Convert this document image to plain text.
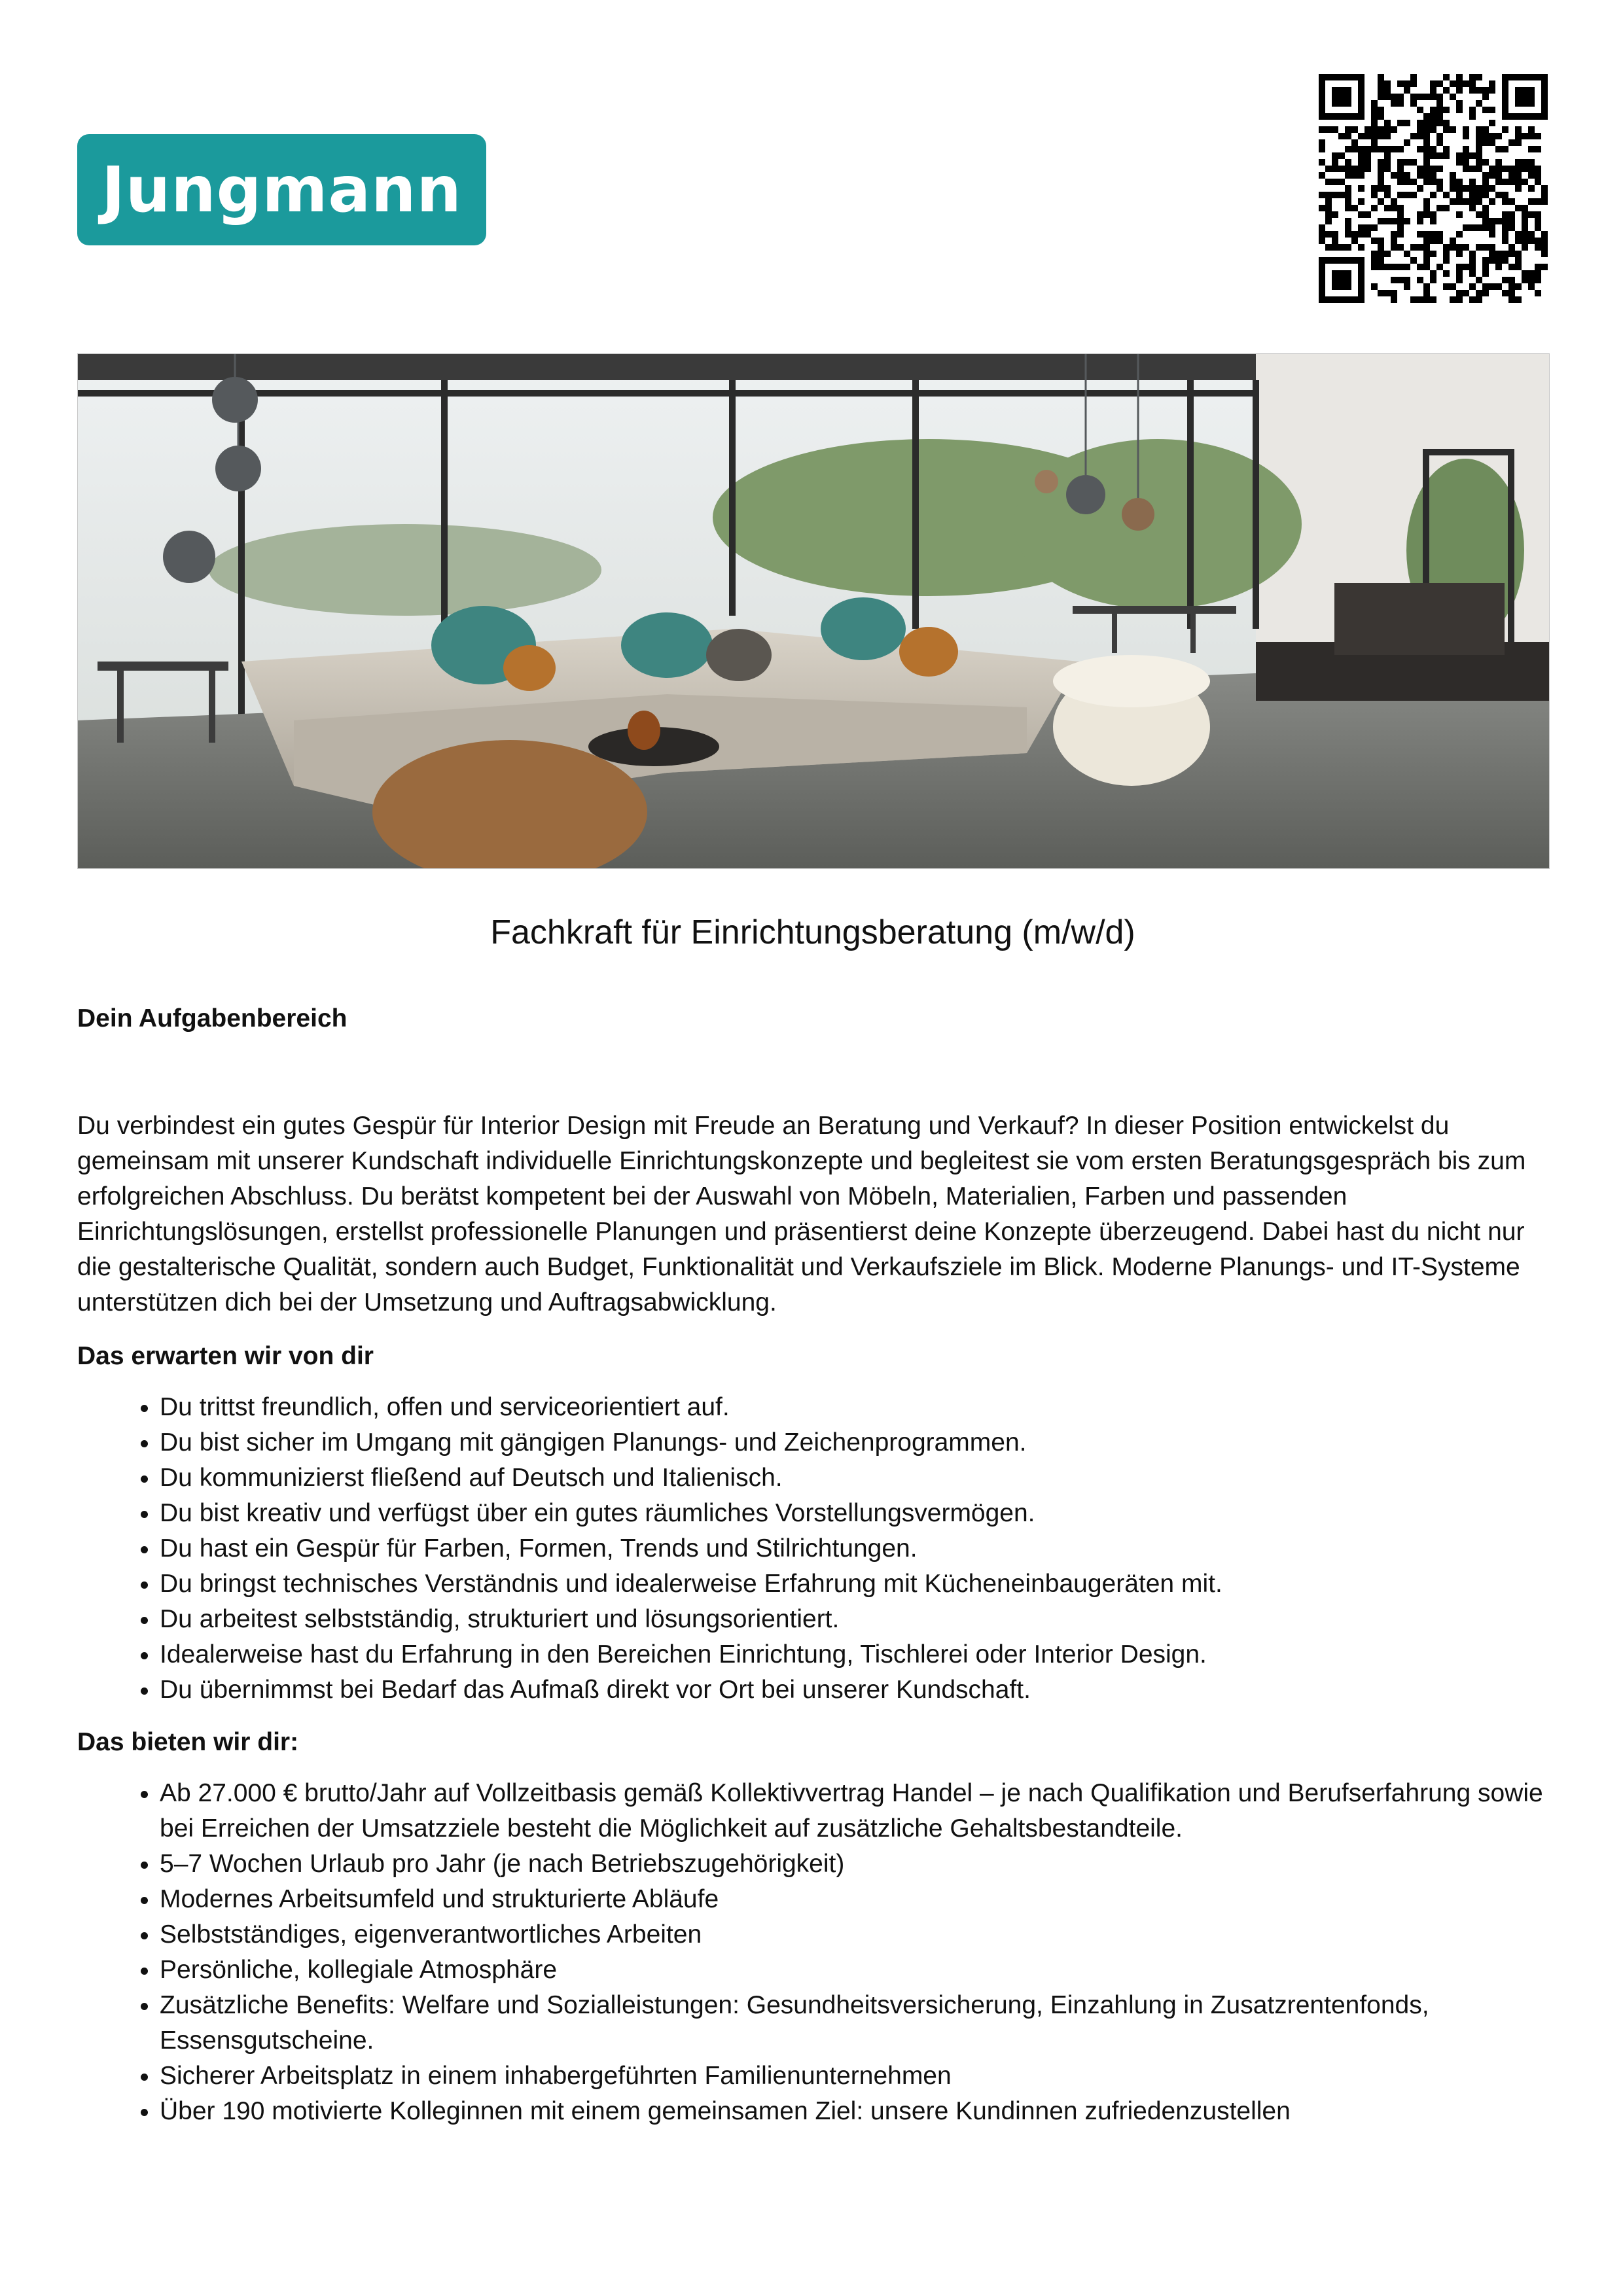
Jungmann
Fachkraft für Einrichtungsberatung (m/w/d)
Dein Aufgabenbereich

Du verbindest ein gutes Gespür für Interior Design mit Freude an Beratung und Verkauf? In dieser Position entwickelst du gemeinsam mit unserer Kundschaft individuelle Einrichtungskonzepte und begleitest sie vom ersten Beratungsgespräch bis zum erfolgreichen Abschluss. Du berätst kompetent bei der Auswahl von Möbeln, Materialien, Farben und passenden Einrichtungslösungen, erstellst professionelle Planungen und präsentierst deine Konzepte überzeugend. Dabei hast du nicht nur die gestalterische Qualität, sondern auch Budget, Funktionalität und Verkaufsziele im Blick. Moderne Planungs- und IT-Systeme unterstützen dich bei der Umsetzung und Auftragsabwicklung.

Das erwarten wir von dir
• Du trittst freundlich, offen und serviceorientiert auf.
• Du bist sicher im Umgang mit gängigen Planungs- und Zeichenprogrammen.
• Du kommunizierst fließend auf Deutsch und Italienisch.
• Du bist kreativ und verfügst über ein gutes räumliches Vorstellungsvermögen.
• Du hast ein Gespür für Farben, Formen, Trends und Stilrichtungen.
• Du bringst technisches Verständnis und idealerweise Erfahrung mit Kücheneinbaugeräten mit.
• Du arbeitest selbstständig, strukturiert und lösungsorientiert.
• Idealerweise hast du Erfahrung in den Bereichen Einrichtung, Tischlerei oder Interior Design.
• Du übernimmst bei Bedarf das Aufmaß direkt vor Ort bei unserer Kundschaft.
Das bieten wir dir:
• Ab 27.000 € brutto/Jahr auf Vollzeitbasis gemäß Kollektivvertrag Handel – je nach Qualifikation und Berufserfahrung sowie bei Erreichen der Umsatzziele besteht die Möglichkeit auf zusätzliche Gehaltsbestandteile.
• 5–7 Wochen Urlaub pro Jahr (je nach Betriebszugehörigkeit)
• Modernes Arbeitsumfeld und strukturierte Abläufe
• Selbstständiges, eigenverantwortliches Arbeiten
• Persönliche, kollegiale Atmosphäre
• Zusätzliche Benefits: Welfare und Sozialleistungen: Gesundheitsversicherung, Einzahlung in Zusatzrentenfonds, Essensgutscheine.
• Sicherer Arbeitsplatz in einem inhabergeführten Familienunternehmen
• Über 190 motivierte Kolleginnen mit einem gemeinsamen Ziel: unsere Kundinnen zufriedenzustellen
